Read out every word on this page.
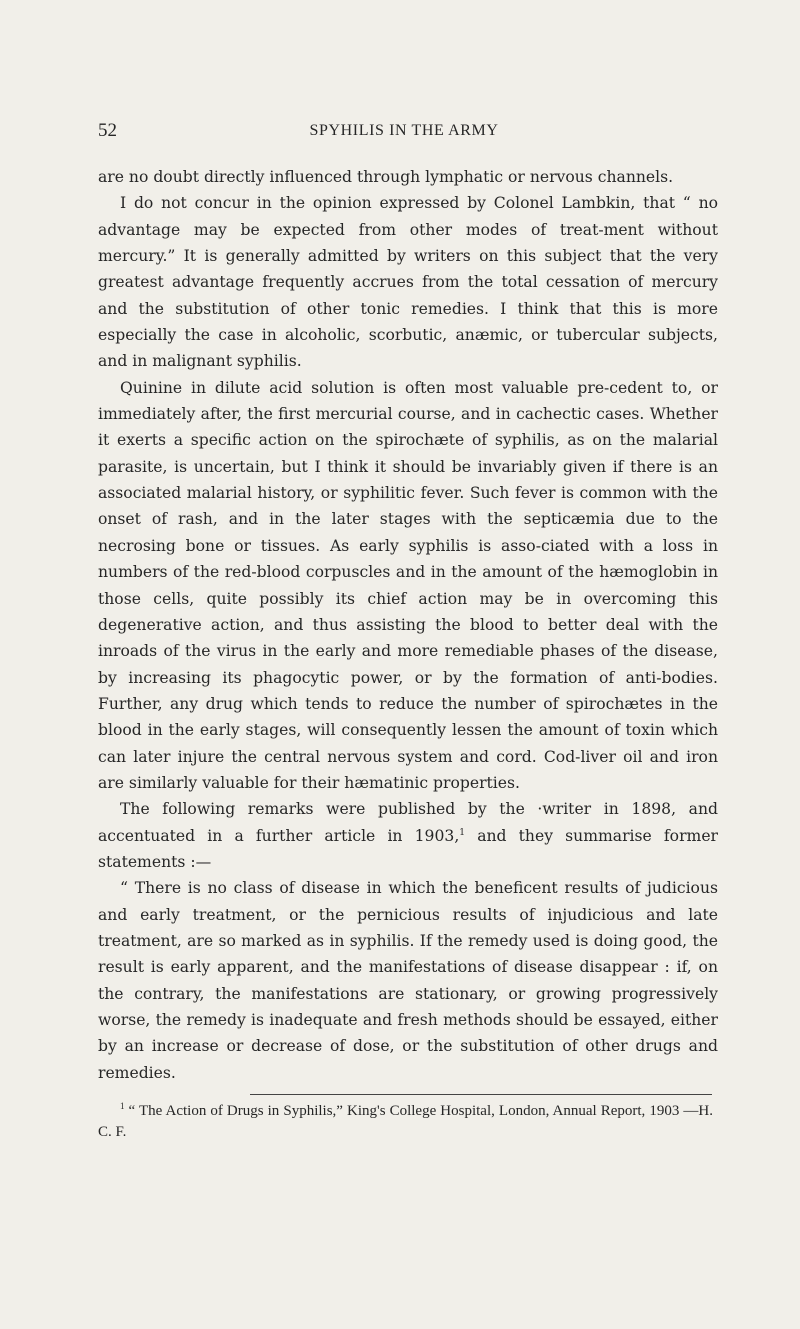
52	SPYHILIS IN THE ARMY

are no doubt directly influenced through lymphatic or nervous channels.

I do not concur in the opinion expressed by Colonel Lambkin, that “ no advantage may be expected from other modes of treat-ment without mercury.” It is generally admitted by writers on this subject that the very greatest advantage frequently accrues from the total cessation of mercury and the substitution of other tonic remedies. I think that this is more especially the case in alcoholic, scorbutic, anæmic, or tubercular subjects, and in malignant syphilis.

Quinine in dilute acid solution is often most valuable pre-cedent to, or immediately after, the first mercurial course, and in cachectic cases. Whether it exerts a specific action on the spirochæte of syphilis, as on the malarial parasite, is uncertain, but I think it should be invariably given if there is an associated malarial history, or syphilitic fever. Such fever is common with the onset of rash, and in the later stages with the septicæmia due to the necrosing bone or tissues. As early syphilis is asso-ciated with a loss in numbers of the red-blood corpuscles and in the amount of the hæmoglobin in those cells, quite possibly its chief action may be in overcoming this degenerative action, and thus assisting the blood to better deal with the inroads of the virus in the early and more remediable phases of the disease, by increasing its phagocytic power, or by the formation of anti-bodies. Further, any drug which tends to reduce the number of spirochætes in the blood in the early stages, will consequently lessen the amount of toxin which can later injure the central nervous system and cord. Cod-liver oil and iron are similarly valuable for their hæmatinic properties.

The following remarks were published by the ·writer in 1898, and accentuated in a further article in 1903,$^1$ and they summarise former statements :—

“ There is no class of disease in which the beneficent results of judicious and early treatment, or the pernicious results of injudicious and late treatment, are so marked as in syphilis. If the remedy used is doing good, the result is early apparent, and the manifestations of disease disappear : if, on the contrary, the manifestations are stationary, or growing progressively worse, the remedy is inadequate and fresh methods should be essayed, either by an increase or decrease of dose, or the substitution of other drugs and remedies.

$^1$ “ The Action of Drugs in Syphilis,” King's College Hospital, London, Annual Report, 1903 —H. C. F.
